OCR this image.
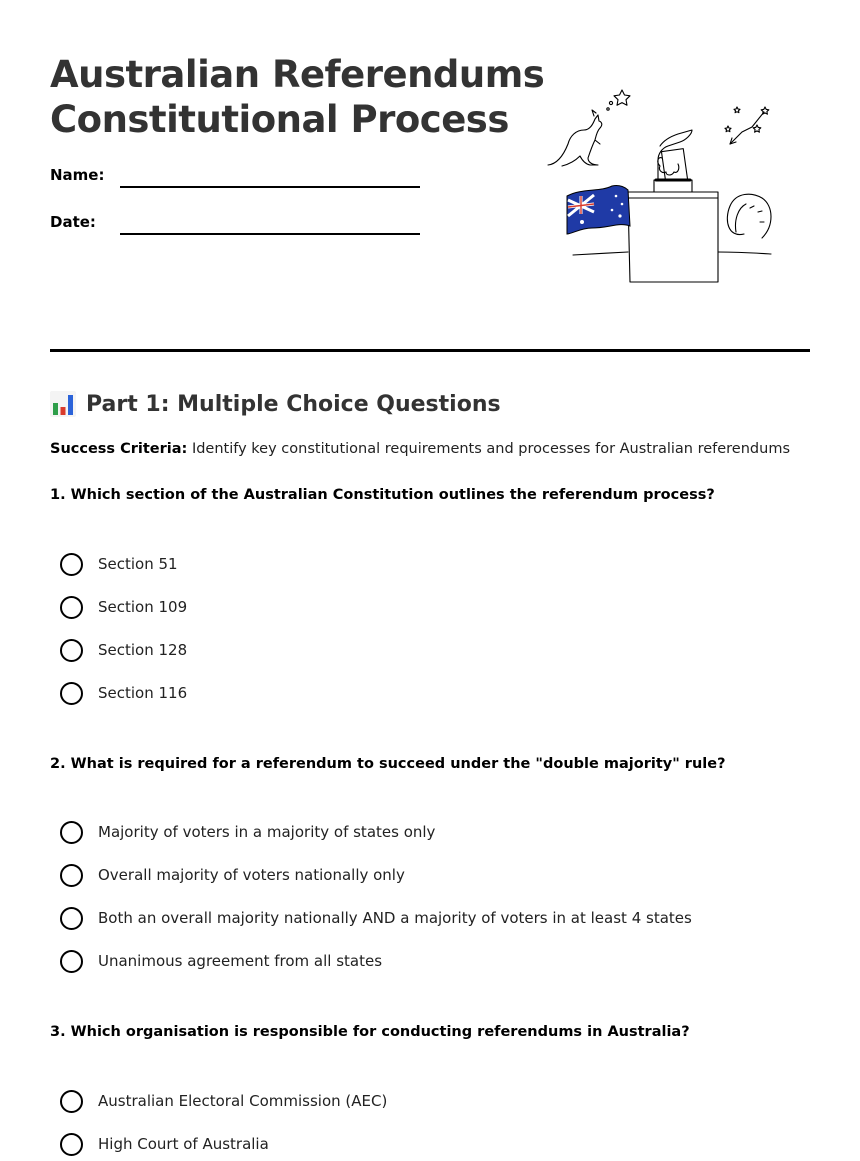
Australian Referendums
Constitutional Process
Name:
Date:
Part 1: Multiple Choice Questions
Success Criteria: Identify key constitutional requirements and processes for Australian referendums
1. Which section of the Australian Constitution outlines the referendum process?
Section 51
Section 109
Section 128
Section 116
2. What is required for a referendum to succeed under the "double majority" rule?
Majority of voters in a majority of states only
Overall majority of voters nationally only
Both an overall majority nationally AND a majority of voters in at least 4 states
Unanimous agreement from all states
3. Which organisation is responsible for conducting referendums in Australia?
Australian Electoral Commission (AEC)
High Court of Australia
